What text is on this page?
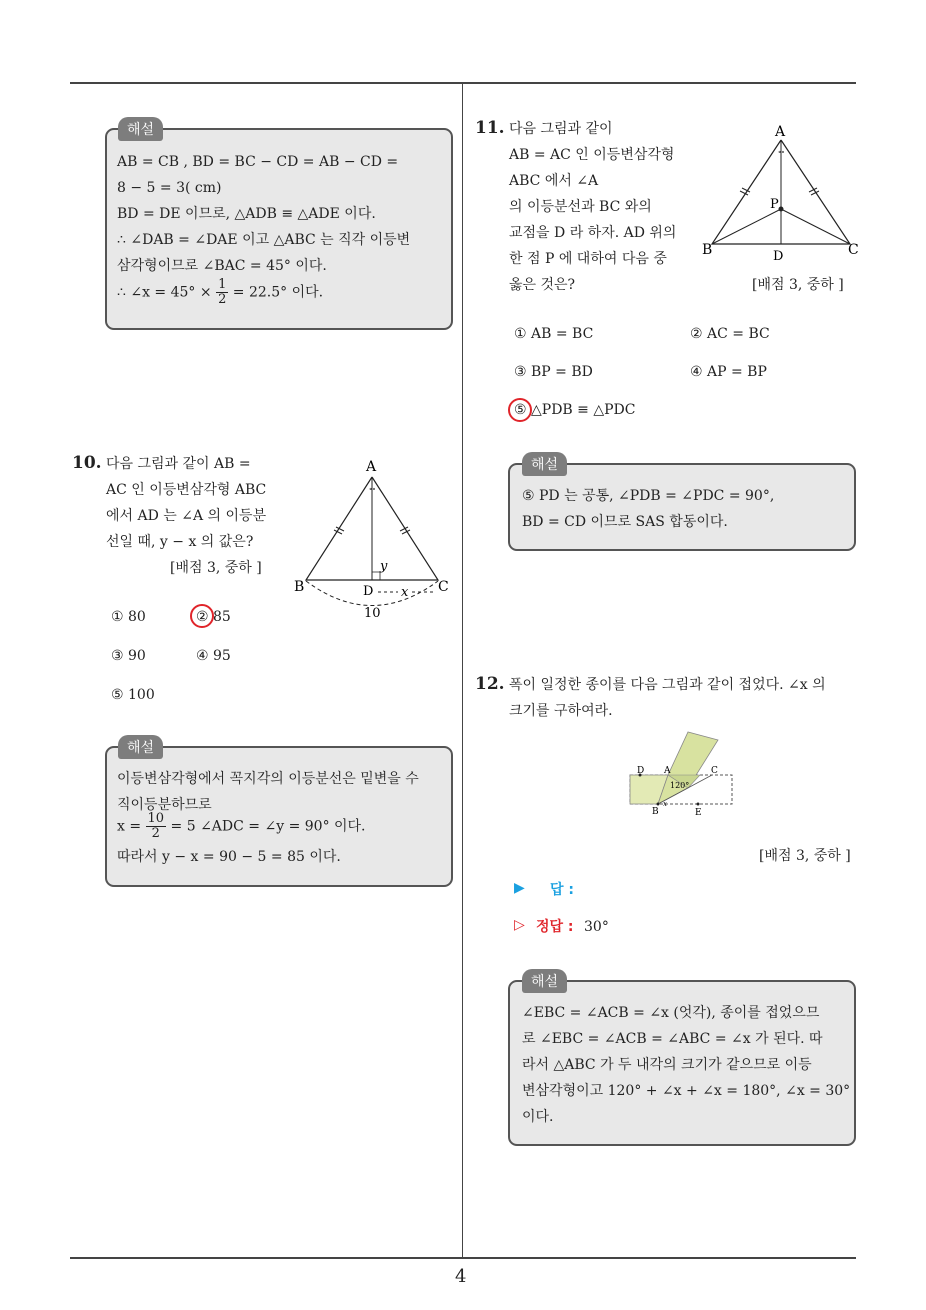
4
해설
AB = CB , BD = BC − CD = AB − CD =
8 − 5 = 3( cm)
BD = DE 이므로, △ADB ≡ △ADE 이다.
∴ ∠DAB = ∠DAE 이고 △ABC 는 직각 이등변
삼각형이므로 ∠BAC = 45° 이다.
∴ ∠x = $45^\circ \times \frac{1}{2} = 22.5^\circ$ 이다.
10. 다음 그림과 같이 AB =
AC 인 이등변삼각형 ABC
에서 AD 는 ∠A 의 이등분
선일 때, y − x 의 값은?
[배점 3, 중하 ]
∘∘
A
B	C
D
y
x
10
① 80	② 85
③ 90	④ 95
⑤ 100
해설
이등변삼각형에서 꼭지각의 이등분선은 밑변을 수
직이등분하므로
$x = \frac{10}{2} = 5$ ∠ADC = ∠y = 90° 이다.
따라서 y − x = 90 − 5 = 85 이다.
11. 다음 그림과 같이
AB = AC 인 이등변삼각형
ABC 에서 ∠A
의 이등분선과 BC 와의
교점을 D 라 하자. AD 위의
한 점 P 에 대하여 다음 중
옳은 것은?	[배점 3, 중하 ]
∘∘
A
B	C
D
P
① AB = BC	② AC = BC
③ BP = BD	④ AP = BP
⑤ △PDB ≡ △PDC
해설
⑤ PD 는 공통, ∠PDB = ∠PDC = 90°,
BD = CD 이므로 SAS 합동이다.
12. 폭이 일정한 종이를 다음 그림과 같이 접었다. ∠x 의
크기를 구하여라.
D A	C
B	E
120°
x
[배점 3, 중하 ]
▶ 답 :
▷ 정답 : 30°
해설
∠EBC = ∠ACB = ∠x (엇각), 종이를 접었으므
로 ∠EBC = ∠ACB = ∠ABC = ∠x 가 된다. 따
라서 △ABC 가 두 내각의 크기가 같으므로 이등
변삼각형이고 120° + ∠x + ∠x = 180°, ∠x = 30°
이다.
